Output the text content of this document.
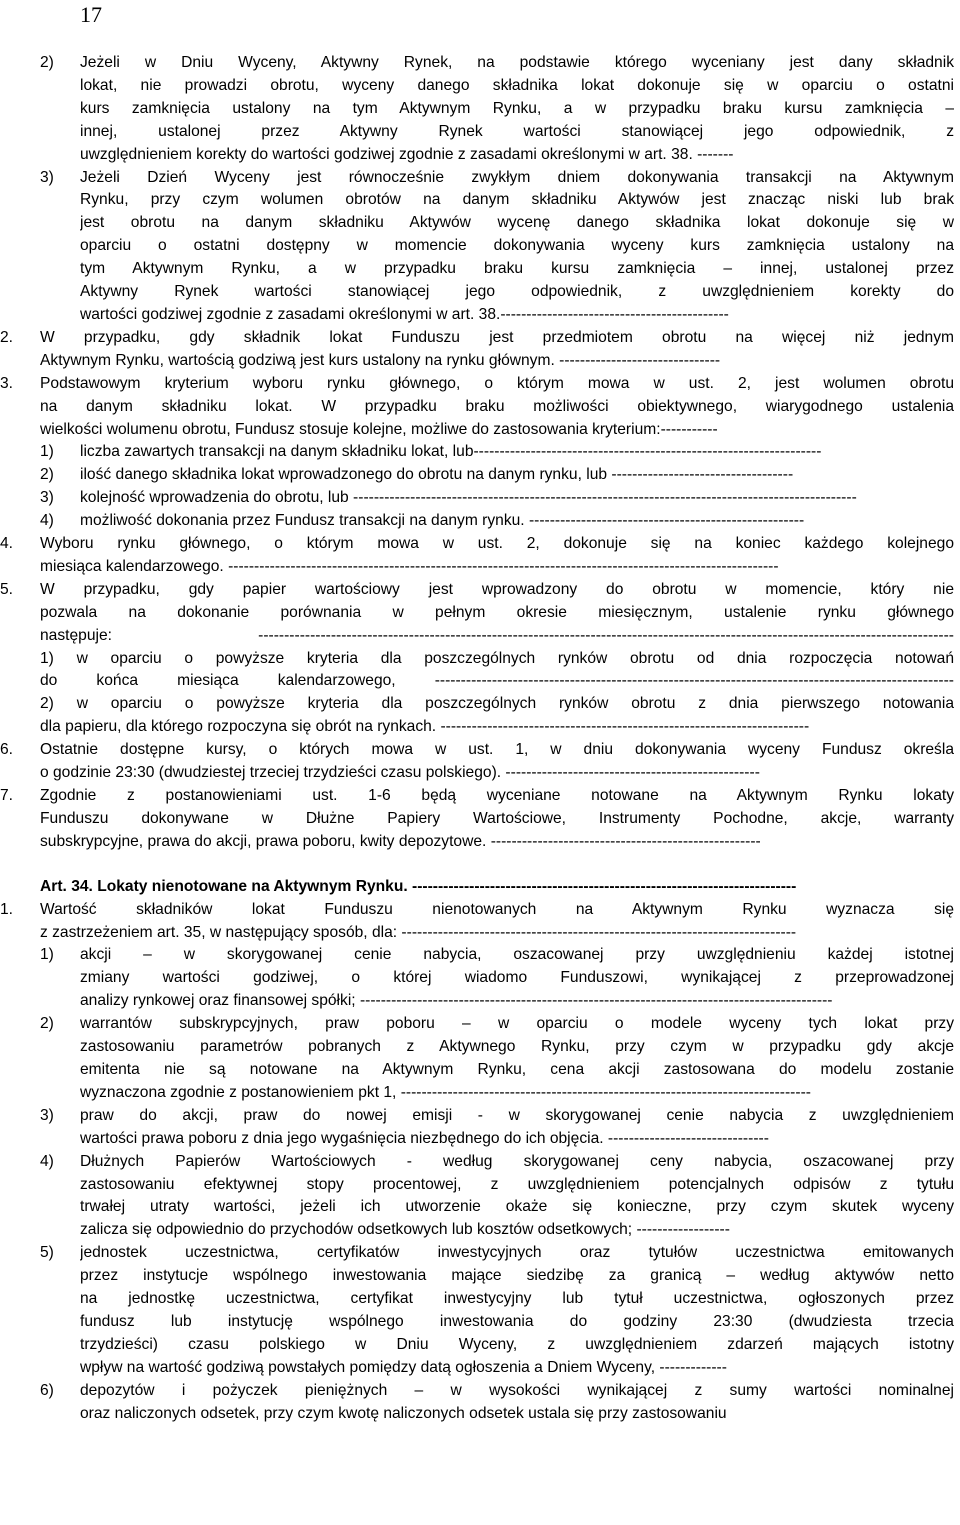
17
2)	Jeżeli w Dniu Wyceny, Aktywny Rynek, na podstawie którego wyceniany jest dany składnik
lokat, nie prowadzi obrotu, wyceny danego składnika lokat dokonuje się w oparciu o ostatni
kurs zamknięcia ustalony na tym Aktywnym Rynku, a w przypadku braku kursu zamknięcia –
innej, ustalonej przez Aktywny Rynek wartości stanowiącej jego odpowiednik, z
uwzględnieniem korekty do wartości godziwej zgodnie z zasadami określonymi w art. 38. -------
3)	Jeżeli Dzień Wyceny jest równocześnie zwykłym dniem dokonywania transakcji na Aktywnym
Rynku, przy czym wolumen obrotów na danym składniku Aktywów jest znacząc niski lub brak
jest obrotu na danym składniku Aktywów wycenę danego składnika lokat dokonuje się w
oparciu o ostatni dostępny w momencie dokonywania wyceny kurs zamknięcia ustalony na
tym Aktywnym Rynku, a w przypadku braku kursu zamknięcia – innej, ustalonej przez
Aktywny Rynek wartości stanowiącej jego odpowiednik, z uwzględnieniem korekty do
wartości godziwej zgodnie z zasadami określonymi w art. 38.--------------------------------------------
2.	W przypadku, gdy składnik lokat Funduszu jest przedmiotem obrotu na więcej niż jednym
Aktywnym Rynku, wartością godziwą jest kurs ustalony na rynku głównym. -------------------------------
3.	Podstawowym kryterium wyboru rynku głównego, o którym mowa w ust. 2, jest wolumen obrotu
na danym składniku lokat. W przypadku braku możliwości obiektywnego, wiarygodnego ustalenia
wielkości wolumenu obrotu, Fundusz stosuje kolejne, możliwe do zastosowania kryterium:-----------
1)	liczba zawartych transakcji na danym składniku lokat, lub-------------------------------------------------------------------
2)	ilość danego składnika lokat wprowadzonego do obrotu na danym rynku, lub -----------------------------------
3)	kolejność wprowadzenia do obrotu, lub -------------------------------------------------------------------------------------------------
4)	możliwość dokonania przez Fundusz transakcji na danym rynku. -----------------------------------------------------
4.	Wyboru rynku głównego, o którym mowa w ust. 2, dokonuje się na koniec każdego kolejnego
miesiąca kalendarzowego. ----------------------------------------------------------------------------------------------------------
5.	W przypadku, gdy papier wartościowy jest wprowadzony do obrotu w momencie, który nie
pozwala na dokonanie porównania w pełnym okresie miesięcznym, ustalenie rynku głównego
następuje: --------------------------------------------------------------------------------------------------------------------------------------
1) w oparciu o powyższe kryteria dla poszczególnych rynków obrotu od dnia rozpoczęcia notowań
do końca miesiąca kalendarzowego, ----------------------------------------------------------------------------------------------------
2) w oparciu o powyższe kryteria dla poszczególnych rynków obrotu z dnia pierwszego notowania
dla papieru, dla którego rozpoczyna się obrót na rynkach. -----------------------------------------------------------------------
6.	Ostatnie dostępne kursy, o których mowa w ust. 1, w dniu dokonywania wyceny Fundusz określa
o godzinie 23:30 (dwudziestej trzeciej trzydzieści czasu polskiego). -------------------------------------------------
7.	Zgodnie z postanowieniami ust. 1-6 będą wyceniane notowane na Aktywnym Rynku lokaty
Funduszu dokonywane w Dłużne Papiery Wartościowe, Instrumenty Pochodne, akcje, warranty
subskrypcyjne, prawa do akcji, prawa poboru, kwity depozytowe. ----------------------------------------------------
Art. 34. Lokaty nienotowane na Aktywnym Rynku. --------------------------------------------------------------------------
1.	Wartość składników lokat Funduszu nienotowanych na Aktywnym Rynku wyznacza się
z zastrzeżeniem art. 35, w następujący sposób, dla: ----------------------------------------------------------------------------
1)	akcji – w skorygowanej cenie nabycia, oszacowanej przy uwzględnieniu każdej istotnej
zmiany wartości godziwej, o której wiadomo Funduszowi, wynikającej z przeprowadzonej
analizy rynkowej oraz finansowej spółki; -------------------------------------------------------------------------------------------
2)	warrantów subskrypcyjnych, praw poboru – w oparciu o modele wyceny tych lokat przy
zastosowaniu parametrów pobranych z Aktywnego Rynku, przy czym w przypadku gdy akcje
emitenta nie są notowane na Aktywnym Rynku, cena akcji zastosowana do modelu zostanie
wyznaczona zgodnie z postanowieniem pkt 1, -------------------------------------------------------------------------------
3)	praw do akcji, praw do nowej emisji - w skorygowanej cenie nabycia z uwzględnieniem
wartości prawa poboru z dnia jego wygaśnięcia niezbędnego do ich objęcia. -------------------------------
4)	Dłużnych Papierów Wartościowych - według skorygowanej ceny nabycia, oszacowanej przy
zastosowaniu efektywnej stopy procentowej, z uwzględnieniem potencjalnych odpisów z tytułu
trwałej utraty wartości, jeżeli ich utworzenie okaże się konieczne, przy czym skutek wyceny
zalicza się odpowiednio do przychodów odsetkowych lub kosztów odsetkowych; ------------------
5)	jednostek uczestnictwa, certyfikatów inwestycyjnych oraz tytułów uczestnictwa emitowanych
przez instytucje wspólnego inwestowania mające siedzibę za granicą – według aktywów netto
na jednostkę uczestnictwa, certyfikat inwestycyjny lub tytuł uczestnictwa, ogłoszonych przez
fundusz lub instytucję wspólnego inwestowania do godziny 23:30 (dwudziesta trzecia
trzydzieści) czasu polskiego w Dniu Wyceny, z uwzględnieniem zdarzeń mających istotny
wpływ na wartość godziwą powstałych pomiędzy datą ogłoszenia a Dniem Wyceny, -------------
6)	depozytów i pożyczek pieniężnych – w wysokości wynikającej z sumy wartości nominalnej
oraz naliczonych odsetek, przy czym kwotę naliczonych odsetek ustala się przy zastosowaniu
